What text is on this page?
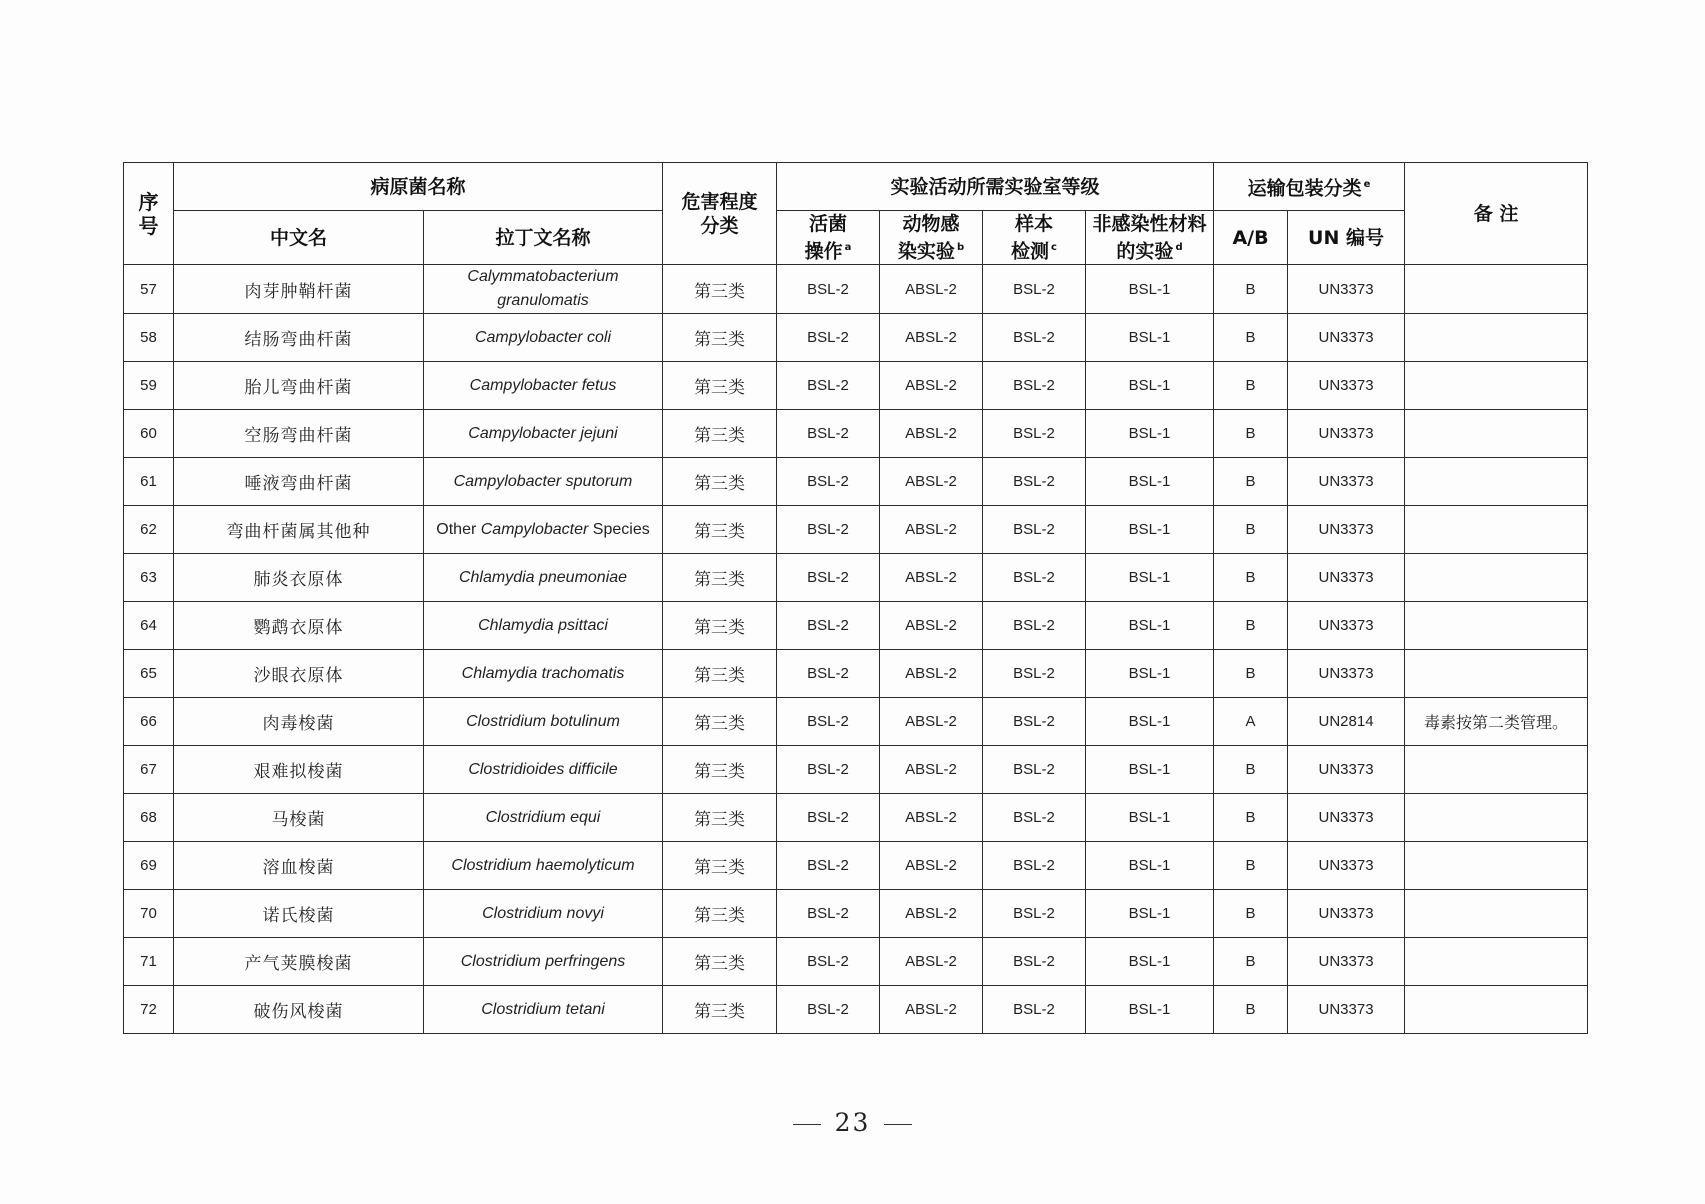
序号	病原菌名称		危害程度分类	实验活动所需实验室等级				运输包装分类 $^e$		备 注
	中文名	拉丁文名称		活菌操作 $^a$	动物感染实验 $^b$	样本检测 $^c$	非感染性材料的实验 $^d$	A/B	UN 编号	
57	肉芽肿鞘杆菌	Calymmatobacterium granulomatis	第三类	BSL-2	ABSL-2	BSL-2	BSL-1	B	UN3373	
58	结肠弯曲杆菌	Campylobacter coli	第三类	BSL-2	ABSL-2	BSL-2	BSL-1	B	UN3373	
59	胎儿弯曲杆菌	Campylobacter fetus	第三类	BSL-2	ABSL-2	BSL-2	BSL-1	B	UN3373	
60	空肠弯曲杆菌	Campylobacter jejuni	第三类	BSL-2	ABSL-2	BSL-2	BSL-1	B	UN3373	
61	唾液弯曲杆菌	Campylobacter sputorum	第三类	BSL-2	ABSL-2	BSL-2	BSL-1	B	UN3373	
62	弯曲杆菌属其他种	Other Campylobacter Species	第三类	BSL-2	ABSL-2	BSL-2	BSL-1	B	UN3373	
63	肺炎衣原体	Chlamydia pneumoniae	第三类	BSL-2	ABSL-2	BSL-2	BSL-1	B	UN3373	
64	鹦鹉衣原体	Chlamydia psittaci	第三类	BSL-2	ABSL-2	BSL-2	BSL-1	B	UN3373	
65	沙眼衣原体	Chlamydia trachomatis	第三类	BSL-2	ABSL-2	BSL-2	BSL-1	B	UN3373	
66	肉毒梭菌	Clostridium botulinum	第三类	BSL-2	ABSL-2	BSL-2	BSL-1	A	UN2814	毒素按第二类管理。
67	艰难拟梭菌	Clostridioides difficile	第三类	BSL-2	ABSL-2	BSL-2	BSL-1	B	UN3373	
68	马梭菌	Clostridium equi	第三类	BSL-2	ABSL-2	BSL-2	BSL-1	B	UN3373	
69	溶血梭菌	Clostridium haemolyticum	第三类	BSL-2	ABSL-2	BSL-2	BSL-1	B	UN3373	
70	诺氏梭菌	Clostridium novyi	第三类	BSL-2	ABSL-2	BSL-2	BSL-1	B	UN3373	
71	产气荚膜梭菌	Clostridium perfringens	第三类	BSL-2	ABSL-2	BSL-2	BSL-1	B	UN3373	
72	破伤风梭菌	Clostridium tetani	第三类	BSL-2	ABSL-2	BSL-2	BSL-1	B	UN3373	
23
